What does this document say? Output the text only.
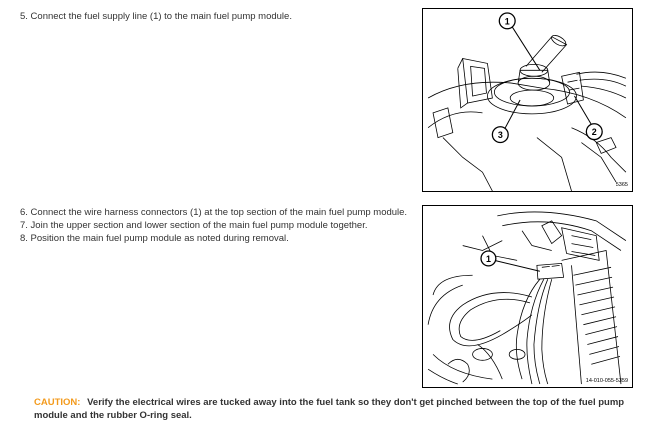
5. Connect the fuel supply line (1) to the main fuel pump module.	1
2
3
5365
6. Connect the wire harness connectors (1) at the top section of the main fuel pump module.
7. Join the upper section and lower section of the main fuel pump module together.
8. Position the main fuel pump module as noted during removal.
1
14-010-055-5359
CAUTION: Verify the electrical wires are tucked away into the fuel tank so they don't get pinched between the top of the fuel pump module and the rubber O-ring seal.
